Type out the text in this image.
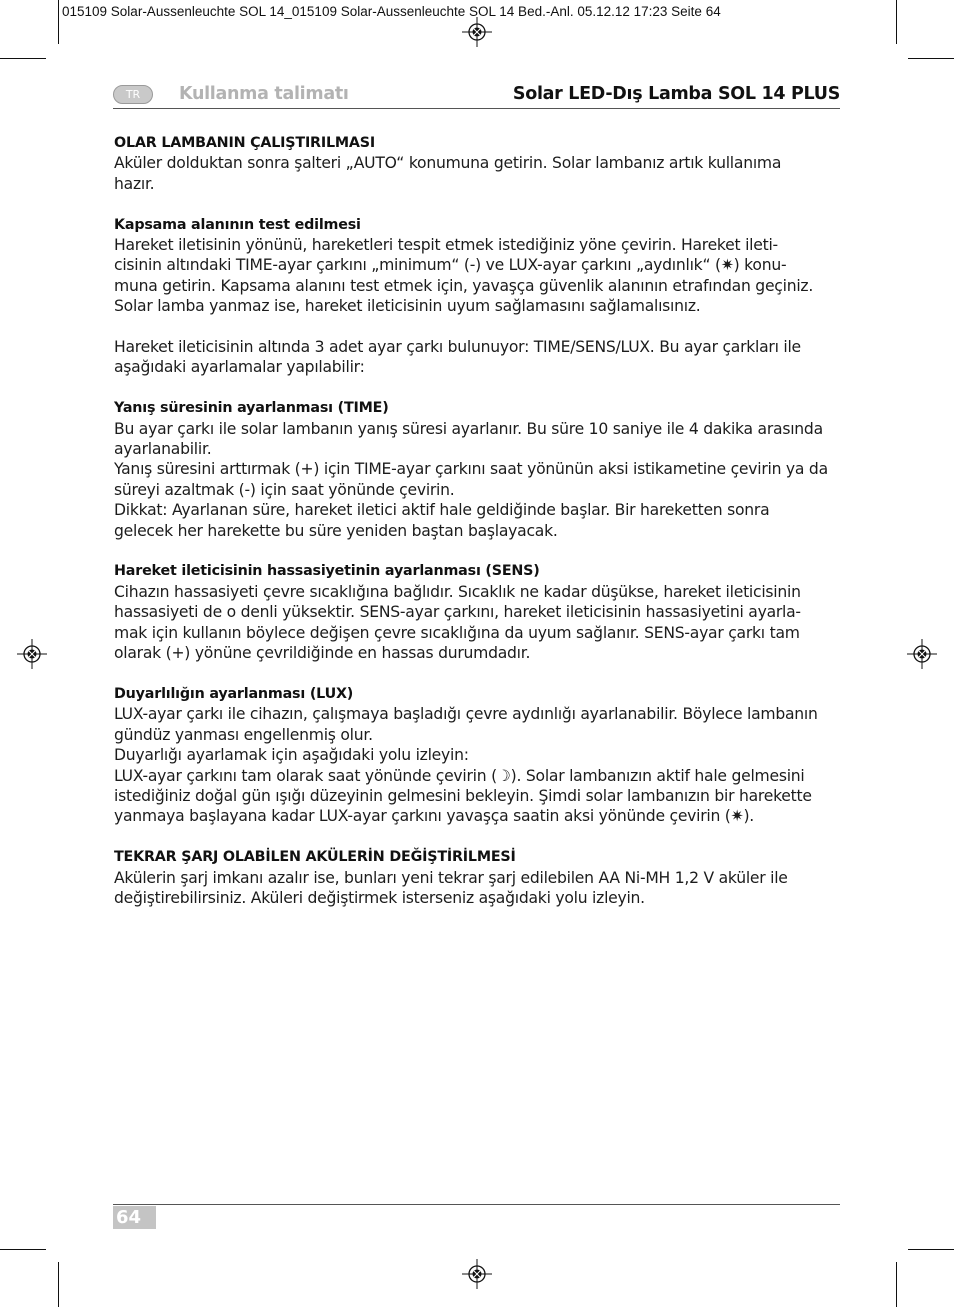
015109 Solar-Aussenleuchte SOL 14_015109 Solar-Aussenleuchte SOL 14 Bed.-Anl. 05.12.12 17:23 Seite 64
TR	Kullanma talimatı	Solar LED-Dış Lamba SOL 14 PLUS
OLAR LAMBANIN ÇALIŞTIRILMASI
Aküler dolduktan sonra şalteri „AUTO“ konumuna getirin. Solar lambanız artık kullanıma
hazır.
Kapsama alanının test edilmesi
Hareket iletisinin yönünü, hareketleri tespit etmek istediğiniz yöne çevirin. Hareket ileti-
cisinin altındaki TIME-ayar çarkını „minimum“ (-) ve LUX-ayar çarkını „aydınlık“ (✷) konu-
muna getirin. Kapsama alanını test etmek için, yavaşça güvenlik alanının etrafından geçiniz.
Solar lamba yanmaz ise, hareket ileticisinin uyum sağlamasını sağlamalısınız.
Hareket ileticisinin altında 3 adet ayar çarkı bulunuyor: TIME/SENS/LUX. Bu ayar çarkları ile
aşağıdaki ayarlamalar yapılabilir:
Yanış süresinin ayarlanması (TIME)
Bu ayar çarkı ile solar lambanın yanış süresi ayarlanır. Bu süre 10 saniye ile 4 dakika arasında
ayarlanabilir.
Yanış süresini arttırmak (+) için TIME-ayar çarkını saat yönünün aksi istikametine çevirin ya da
süreyi azaltmak (-) için saat yönünde çevirin.
Dikkat: Ayarlanan süre, hareket iletici aktif hale geldiğinde başlar. Bir hareketten sonra
gelecek her harekette bu süre yeniden baştan başlayacak.
Hareket ileticisinin hassasiyetinin ayarlanması (SENS)
Cihazın hassasiyeti çevre sıcaklığına bağlıdır. Sıcaklık ne kadar düşükse, hareket ileticisinin
hassasiyeti de o denli yüksektir. SENS-ayar çarkını, hareket ileticisinin hassasiyetini ayarla-
mak için kullanın böylece değişen çevre sıcaklığına da uyum sağlanır. SENS-ayar çarkı tam
olarak (+) yönüne çevrildiğinde en hassas durumdadır.
Duyarlılığın ayarlanması (LUX)
LUX-ayar çarkı ile cihazın, çalışmaya başladığı çevre aydınlığı ayarlanabilir. Böylece lambanın
gündüz yanması engellenmiş olur.
Duyarlığı ayarlamak için aşağıdaki yolu izleyin:
LUX-ayar çarkını tam olarak saat yönünde çevirin (☽). Solar lambanızın aktif hale gelmesini
istediğiniz doğal gün ışığı düzeyinin gelmesini bekleyin. Şimdi solar lambanızın bir harekette
yanmaya başlayana kadar LUX-ayar çarkını yavaşça saatin aksi yönünde çevirin (✷).
TEKRAR ŞARJ OLABİLEN AKÜLERİN DEĞİŞTİRİLMESİ
Akülerin şarj imkanı azalır ise, bunları yeni tekrar şarj edilebilen AA Ni-MH 1,2 V aküler ile
değiştirebilirsiniz. Aküleri değiştirmek isterseniz aşağıdaki yolu izleyin.
64
